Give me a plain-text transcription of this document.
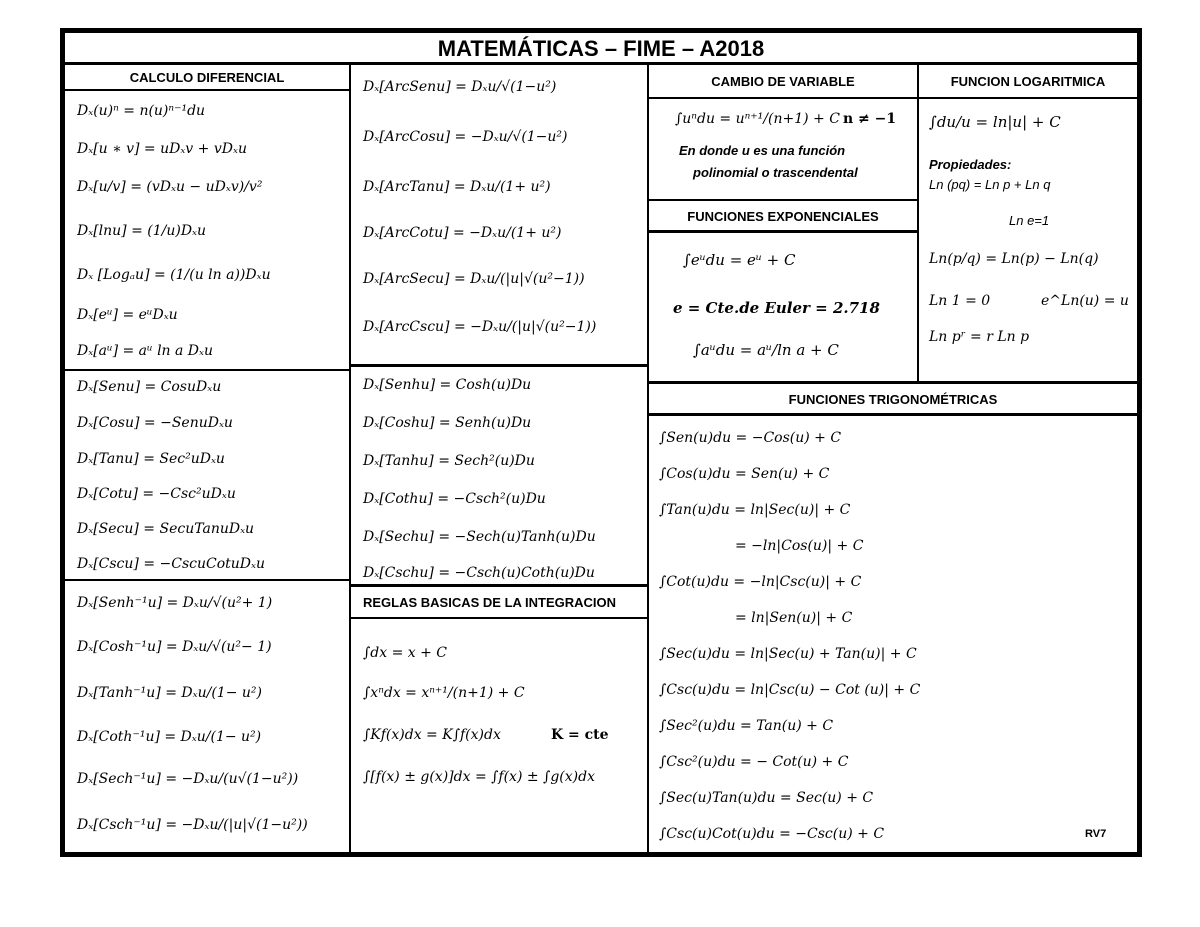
MATEMÁTICAS – FIME – A2018
CALCULO DIFERENCIAL
Dₓ(u)ⁿ = n(u)ⁿ⁻¹du
Dₓ[u ∗ v] = uDₓv + vDₓu
Dₓ[u/v] = (vDₓu − uDₓv)/v²
Dₓ[lnu] = (1/u)Dₓu
Dₓ [Logₐu] = (1/(u ln a))Dₓu
Dₓ[eᵘ] = eᵘDₓu
Dₓ[aᵘ] = aᵘ ln a Dₓu
Dₓ[Senu] = CosuDₓu
Dₓ[Cosu] = −SenuDₓu
Dₓ[Tanu] = Sec²uDₓu
Dₓ[Cotu] = −Csc²uDₓu
Dₓ[Secu] = SecuTanuDₓu
Dₓ[Cscu] = −CscuCotuDₓu
Dₓ[Senh⁻¹u] = Dₓu/√(u²+ 1)
Dₓ[Cosh⁻¹u] = Dₓu/√(u²− 1)
Dₓ[Tanh⁻¹u] = Dₓu/(1− u²)
Dₓ[Coth⁻¹u] = Dₓu/(1− u²)
Dₓ[Sech⁻¹u] = −Dₓu/(u√(1−u²))
Dₓ[Csch⁻¹u] = −Dₓu/(|u|√(1−u²))
Dₓ[ArcSenu] = Dₓu/√(1−u²)
Dₓ[ArcCosu] = −Dₓu/√(1−u²)
Dₓ[ArcTanu] = Dₓu/(1+ u²)
Dₓ[ArcCotu] = −Dₓu/(1+ u²)
Dₓ[ArcSecu] = Dₓu/(|u|√(u²−1))
Dₓ[ArcCscu] = −Dₓu/(|u|√(u²−1))
Dₓ[Senhu] = Cosh(u)Du
Dₓ[Coshu] = Senh(u)Du
Dₓ[Tanhu] = Sech²(u)Du
Dₓ[Cothu] = −Csch²(u)Du
Dₓ[Sechu] = −Sech(u)Tanh(u)Du
Dₓ[Cschu] = −Csch(u)Coth(u)Du
REGLAS BASICAS DE LA INTEGRACION
∫dx = x + C
∫xⁿdx = xⁿ⁺¹/(n+1) + C
∫Kf(x)dx = K∫f(x)dx	K = cte
∫[f(x) ± g(x)]dx = ∫f(x) ± ∫g(x)dx
CAMBIO DE VARIABLE
∫uⁿdu = uⁿ⁺¹/(n+1) + C n ≠ −1
En donde u es una función
polinomial o trascendental
FUNCIONES EXPONENCIALES
∫eᵘdu = eᵘ + C
e = Cte.de Euler = 2.718
∫aᵘdu = aᵘ/ln a + C
FUNCION LOGARITMICA
∫du/u = ln|u| + C
Propiedades:
Ln (pq) = Ln p + Ln q
Ln e=1
Ln(p/q) = Ln(p) − Ln(q)
Ln 1 = 0	e^Ln(u) = u
Ln pʳ = r Ln p
FUNCIONES TRIGONOMÉTRICAS
∫Sen(u)du = −Cos(u) + C
∫Cos(u)du = Sen(u) + C
∫Tan(u)du = ln|Sec(u)| + C
= −ln|Cos(u)| + C
∫Cot(u)du = −ln|Csc(u)| + C
= ln|Sen(u)| + C
∫Sec(u)du = ln|Sec(u) + Tan(u)| + C
∫Csc(u)du = ln|Csc(u) − Cot (u)| + C
∫Sec²(u)du = Tan(u) + C
∫Csc²(u)du = − Cot(u) + C
∫Sec(u)Tan(u)du = Sec(u) + C
∫Csc(u)Cot(u)du = −Csc(u) + C	RV7
